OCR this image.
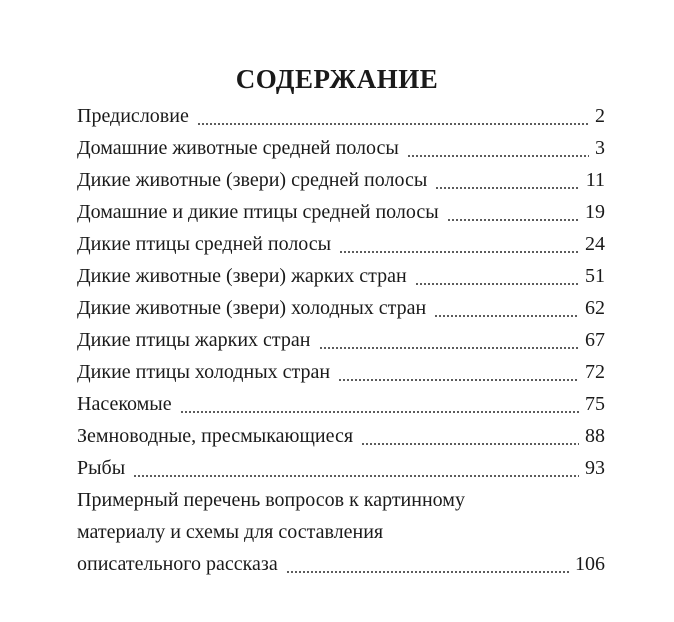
СОДЕРЖАНИЕ
Предисловие	2
Домашние животные средней полосы	3
Дикие животные (звери) средней полосы	11
Домашние и дикие птицы средней полосы	19
Дикие птицы средней полосы	24
Дикие животные (звери) жарких стран	51
Дикие животные (звери) холодных стран	62
Дикие птицы жарких стран	67
Дикие птицы холодных стран	72
Насекомые	75
Земноводные, пресмыкающиеся	88
Рыбы	93
Примерный перечень вопросов к картинному
материалу и схемы для составления
описательного рассказа	106
